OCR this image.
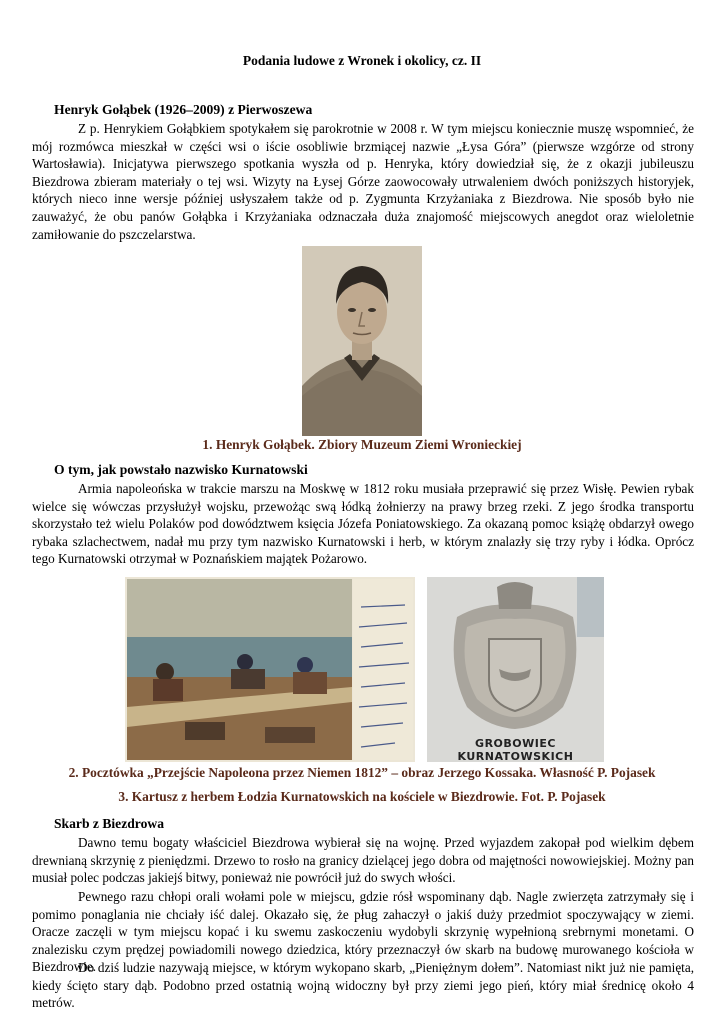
Podania ludowe z Wronek i okolicy, cz. II
Henryk Gołąbek (1926–2009) z Pierwoszewa

Z p. Henrykiem Gołąbkiem spotykałem się parokrotnie w 2008 r. W tym miejscu koniecznie muszę wspomnieć, że mój rozmówca mieszkał w części wsi o iście osobliwie brzmiącej nazwie „Łysa Góra” (pierwsze wzgórze od strony Wartosławia). Inicjatywa pierwszego spotkania wyszła od p. Henryka, który dowiedział się, że z okazji jubileuszu Biezdrowa zbieram materiały o tej wsi. Wizyty na Łysej Górze zaowocowały utrwaleniem dwóch poniższych historyjek, których nieco inne wersje później usłyszałem także od p. Zygmunta Krzyżaniaka z Biezdrowa. Nie sposób było nie zauważyć, że obu panów Gołąbka i Krzyżaniaka odznaczała duża znajomość miejscowych anegdot oraz wieloletnie zamiłowanie do pszczelarstwa.

1. Henryk Gołąbek. Zbiory Muzeum Ziemi Wronieckiej
O tym, jak powstało nazwisko Kurnatowski

Armia napoleońska w trakcie marszu na Moskwę w 1812 roku musiała przeprawić się przez Wisłę. Pewien rybak wielce się wówczas przysłużył wojsku, przewożąc swą łódką żołnierzy na prawy brzeg rzeki. Z jego środka transportu skorzystało też wielu Polaków pod dowództwem księcia Józefa Poniatowskiego. Za okazaną pomoc książę obdarzył owego rybaka szlachectwem, nadał mu przy tym nazwisko Kurnatowski i herb, w którym znalazły się trzy ryby i łódka. Oprócz tego Kurnatowski otrzymał w Poznańskiem majątek Pożarowo.

GROBOWIEC KURNATOWSKICH
2. Pocztówka „Przejście Napoleona przez Niemen 1812” – obraz Jerzego Kossaka. Własność P. Pojasek
3. Kartusz z herbem Łodzia Kurnatowskich na kościele w Biezdrowie. Fot. P. Pojasek
Skarb z Biezdrowa

Dawno temu bogaty właściciel Biezdrowa wybierał się na wojnę. Przed wyjazdem zakopał pod wielkim dębem drewnianą skrzynię z pieniędzmi. Drzewo to rosło na granicy dzielącej jego dobra od majętności nowowiejskiej. Możny pan musiał polec podczas jakiejś bitwy, ponieważ nie powrócił już do swych włości.

Pewnego razu chłopi orali wołami pole w miejscu, gdzie rósł wspominany dąb. Nagle zwierzęta zatrzymały się i pomimo ponaglania nie chciały iść dalej. Okazało się, że pług zahaczył o jakiś duży przedmiot spoczywający w ziemi. Oracze zaczęli w tym miejscu kopać i ku swemu zaskoczeniu wydobyli skrzynię wypełnioną srebrnymi monetami. O znalezisku czym prędzej powiadomili nowego dziedzica, który przeznaczył ów skarb na budowę murowanego kościoła w Biezdrowie.

Do dziś ludzie nazywają miejsce, w którym wykopano skarb, „Pieniężnym dołem”. Natomiast nikt już nie pamięta, kiedy ścięto stary dąb. Podobno przed ostatnią wojną widoczny był przy ziemi jego pień, który miał średnicę około 4 metrów.
